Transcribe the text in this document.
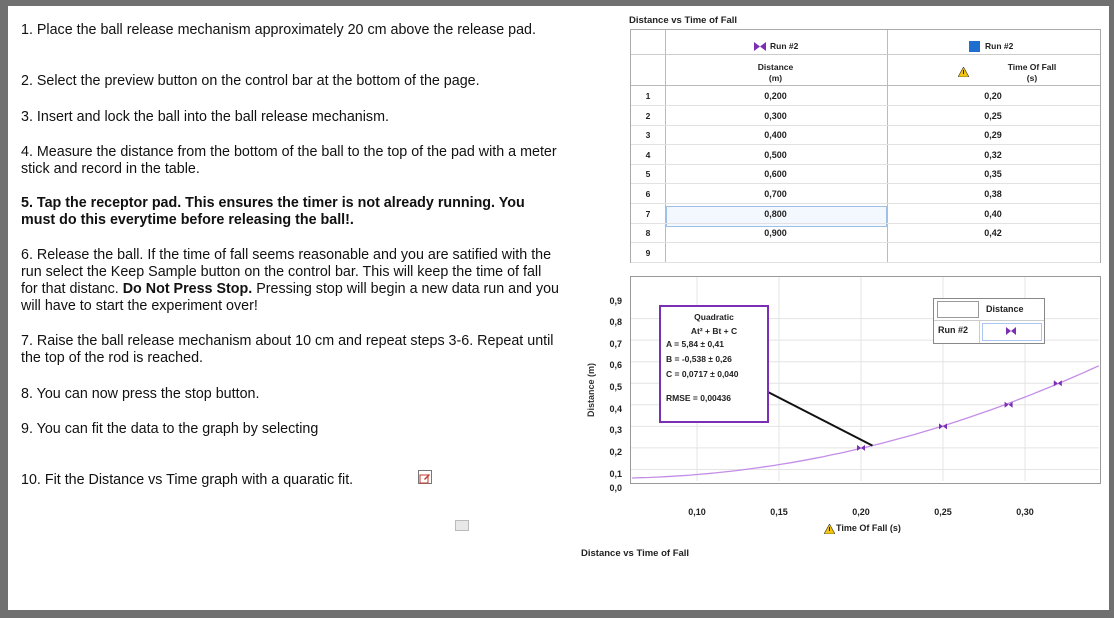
1. Place the ball release mechanism approximately 20 cm above the release pad.

2. Select the preview button on the control bar at the bottom of the page.

3. Insert and lock the ball into the ball release mechanism.

4. Measure the distance from the bottom of the ball to the top of the pad with a meter stick and record in the table.

5. Tap the receptor pad. This ensures the timer is not already running. You must do this everytime before releasing the ball!.

6. Release the ball. If the time of fall seems reasonable and you are satified with the run select the Keep Sample button on the control bar. This will keep the time of fall for that distanc. Do Not Press Stop. Pressing stop will begin a new data run and you will have to start the experiment over!

7. Raise the ball release mechanism about 10 cm and repeat steps 3-6. Repeat until the top of the rod is reached.

8. You can now press the stop button.

9. You can fit the data to the graph by selecting

10. Fit the Distance vs Time graph with a quaratic fit.

Distance vs Time of Fall
Run #2	Run #2
Distance
(m)
Time Of Fall
(s)
1	0,200	0,20
2	0,300	0,25
3	0,400	0,29
4	0,500	0,32
5	0,600	0,35
6	0,700	0,38
7	0,800	0,40
8	0,900	0,42
9
0,9
0,8
0,7
0,6
0,5
0,4
0,3
0,2
0,1
0,0
0,10	0,15	0,20	0,25	0,30
Distance (m)
Time Of Fall (s)
Quadratic
At² + Bt + C
A = 5,84 ± 0,41
B = -0,538 ± 0,26
C = 0,0717 ± 0,040
RMSE = 0,00436
Distance
Run #2
Distance vs Time of Fall
